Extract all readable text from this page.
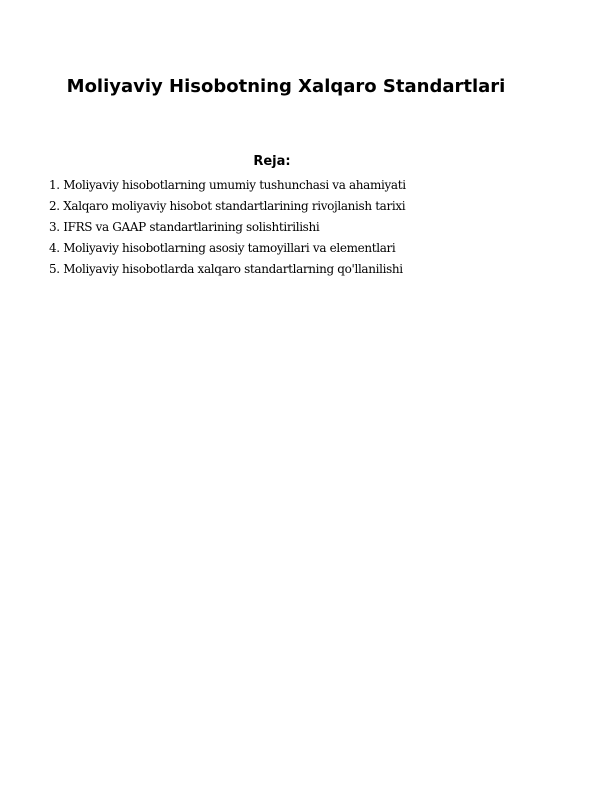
Moliyaviy Hisobotning Xalqaro Standartlari
Reja:
1. Moliyaviy hisobotlarning umumiy tushunchasi va ahamiyati
2. Xalqaro moliyaviy hisobot standartlarining rivojlanish tarixi
3. IFRS va GAAP standartlarining solishtirilishi
4. Moliyaviy hisobotlarning asosiy tamoyillari va elementlari
5. Moliyaviy hisobotlarda xalqaro standartlarning qo'llanilishi
